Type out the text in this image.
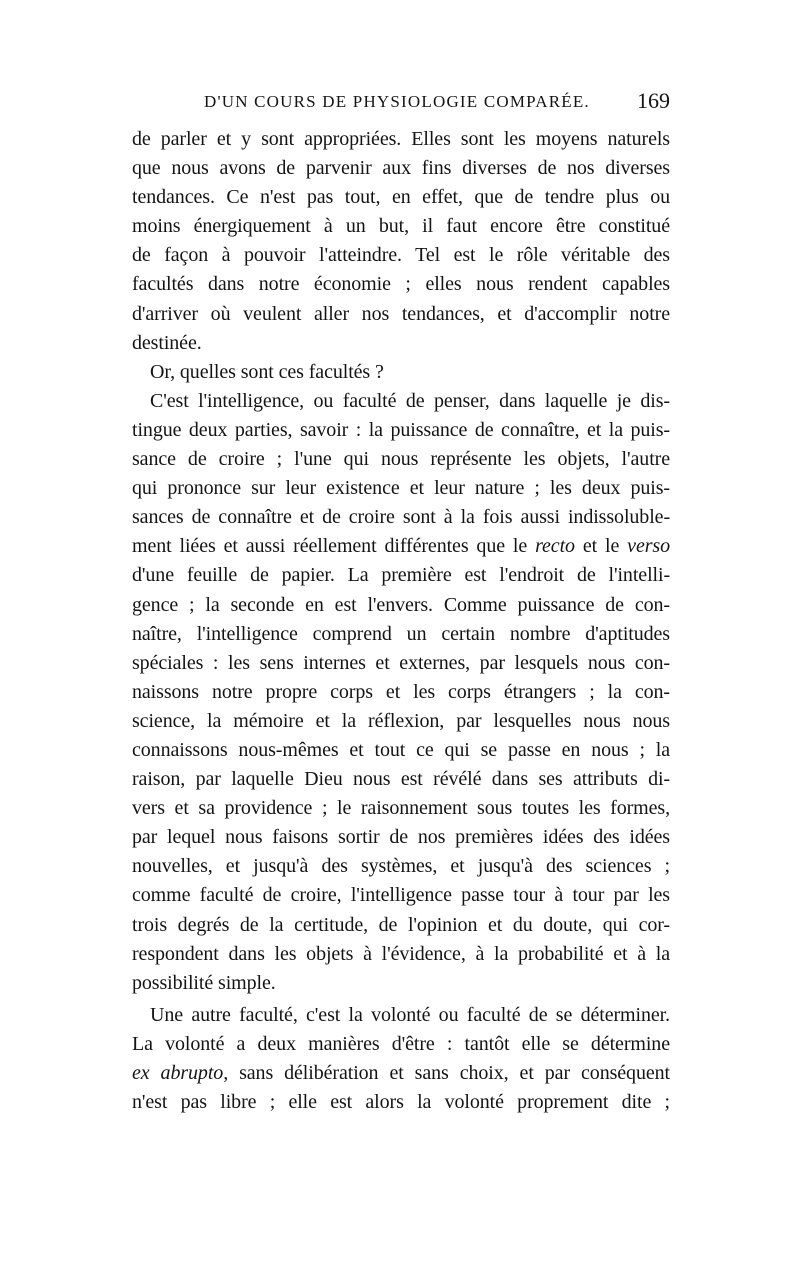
D'UN COURS DE PHYSIOLOGIE COMPARÉE. 169
de parler et y sont appropriées. Elles sont les moyens naturels
que nous avons de parvenir aux fins diverses de nos diverses
tendances. Ce n'est pas tout, en effet, que de tendre plus ou
moins énergiquement à un but, il faut encore être constitué
de façon à pouvoir l'atteindre. Tel est le rôle véritable des
facultés dans notre économie ; elles nous rendent capables
d'arriver où veulent aller nos tendances, et d'accomplir notre
destinée.
Or, quelles sont ces facultés ?
C'est l'intelligence, ou faculté de penser, dans laquelle je dis-
tingue deux parties, savoir : la puissance de connaître, et la puis-
sance de croire ; l'une qui nous représente les objets, l'autre
qui prononce sur leur existence et leur nature ; les deux puis-
sances de connaître et de croire sont à la fois aussi indissoluble-
ment liées et aussi réellement différentes que le recto et le verso
d'une feuille de papier. La première est l'endroit de l'intelli-
gence ; la seconde en est l'envers. Comme puissance de con-
naître, l'intelligence comprend un certain nombre d'aptitudes
spéciales : les sens internes et externes, par lesquels nous con-
naissons notre propre corps et les corps étrangers ; la con-
science, la mémoire et la réflexion, par lesquelles nous nous
connaissons nous-mêmes et tout ce qui se passe en nous ; la
raison, par laquelle Dieu nous est révélé dans ses attributs di-
vers et sa providence ; le raisonnement sous toutes les formes,
par lequel nous faisons sortir de nos premières idées des idées
nouvelles, et jusqu'à des systèmes, et jusqu'à des sciences ;
comme faculté de croire, l'intelligence passe tour à tour par les
trois degrés de la certitude, de l'opinion et du doute, qui cor-
respondent dans les objets à l'évidence, à la probabilité et à la
possibilité simple.
Une autre faculté, c'est la volonté ou faculté de se déterminer.
La volonté a deux manières d'être : tantôt elle se détermine
ex abrupto, sans délibération et sans choix, et par conséquent
n'est pas libre ; elle est alors la volonté proprement dite ;
